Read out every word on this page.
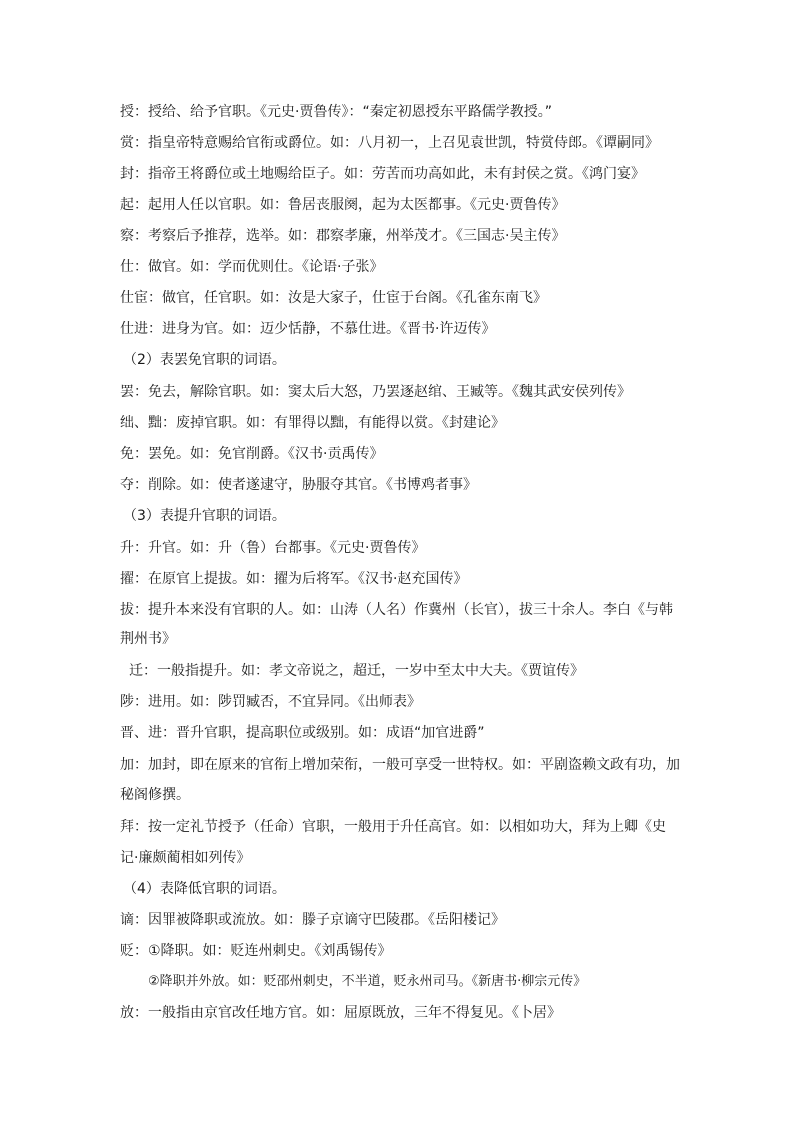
授：授给、给予官职。《元史·贾鲁传》：“秦定初恩授东平路儒学教授。”
赏：指皇帝特意赐给官衔或爵位。如：八月初一，上召见袁世凯，特赏侍郎。《谭嗣同》
封：指帝王将爵位或土地赐给臣子。如：劳苦而功高如此，未有封侯之赏。《鸿门宴》
起：起用人任以官职。如：鲁居丧服阕，起为太医都事。《元史·贾鲁传》
察：考察后予推荐，选举。如：郡察孝廉，州举茂才。《三国志·吴主传》
仕：做官。如：学而优则仕。《论语·子张》
仕宦：做官，任官职。如：汝是大家子，仕宦于台阁。《孔雀东南飞》
仕进：进身为官。如：迈少恬静，不慕仕进。《晋书·许迈传》
（2）表罢免官职的词语。
罢：免去，解除官职。如：窦太后大怒，乃罢逐赵绾、王臧等。《魏其武安侯列传》
绌、黜：废掉官职。如：有罪得以黜，有能得以赏。《封建论》
免：罢免。如：免官削爵。《汉书·贡禹传》
夺：削除。如：使者遂逮守，胁服夺其官。《书博鸡者事》
（3）表提升官职的词语。
升：升官。如：升（鲁）台都事。《元史·贾鲁传》
擢：在原官上提拔。如：擢为后将军。《汉书·赵充国传》
拔：提升本来没有官职的人。如：山涛（人名）作冀州（长官），拔三十余人。李白《与韩
荆州书》
迁：一般指提升。如：孝文帝说之，超迁，一岁中至太中大夫。《贾谊传》
陟：进用。如：陟罚臧否，不宜异同。《出师表》
晋、进：晋升官职，提高职位或级别。如：成语“加官进爵”
加：加封，即在原来的官衔上增加荣衔，一般可享受一世特权。如：平剧盗赖文政有功，加
秘阁修撰。
拜：按一定礼节授予（任命）官职，一般用于升任高官。如：以相如功大，拜为上卿《史
记·廉颇蔺相如列传》
（4）表降低官职的词语。
谪：因罪被降职或流放。如：滕子京谪守巴陵郡。《岳阳楼记》
贬：①降职。如：贬连州刺史。《刘禹锡传》
②降职并外放。如：贬邵州刺史，不半道，贬永州司马。《新唐书·柳宗元传》
放：一般指由京官改任地方官。如：屈原既放，三年不得复见。《卜居》
